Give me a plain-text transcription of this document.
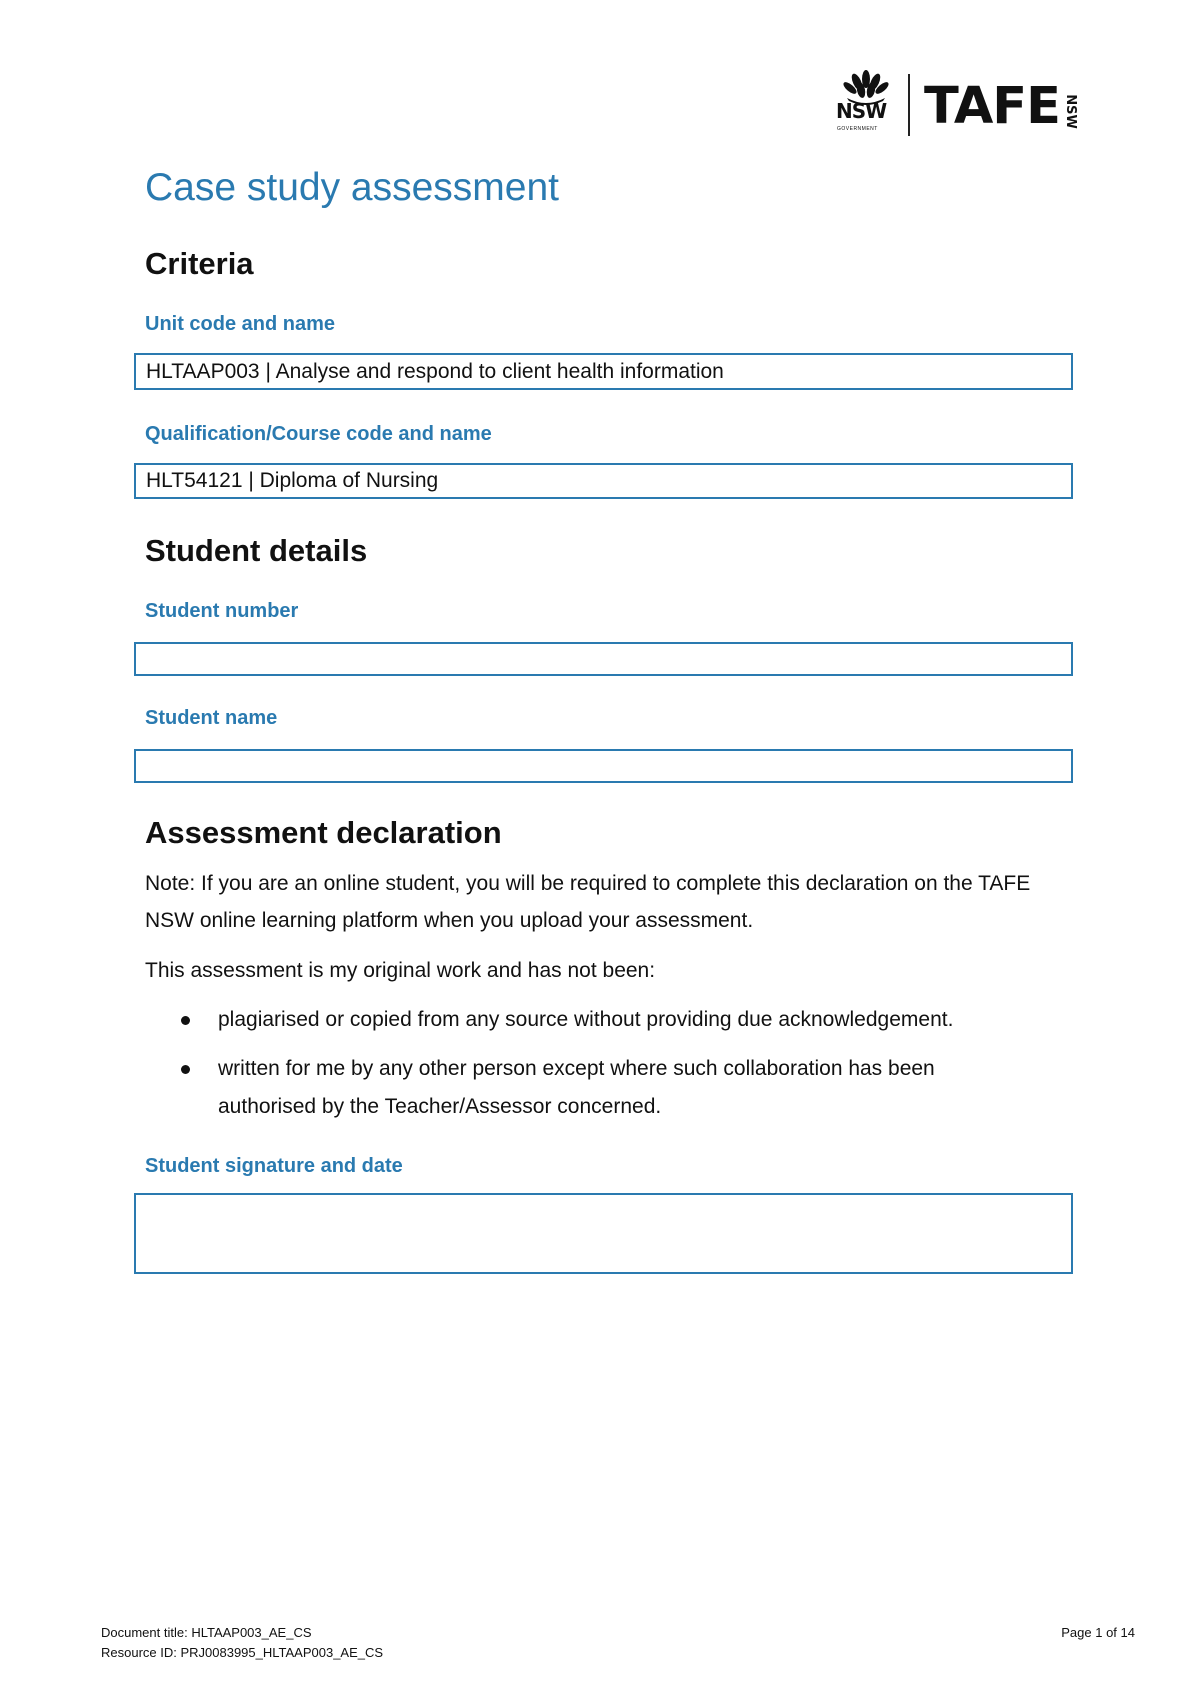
NSW
GOVERNMENT TAFE NSW
Case study assessment
Criteria
Unit code and name
HLTAAP003 | Analyse and respond to client health information
Qualification/Course code and name
HLT54121 | Diploma of Nursing
Student details
Student number
Student name
Assessment declaration

Note: If you are an online student, you will be required to complete this declaration on the TAFE NSW online learning platform when you upload your assessment.

This assessment is my original work and has not been:

plagiarised or copied from any source without providing due acknowledgement.

written for me by any other person except where such collaboration has been authorised by the Teacher/Assessor concerned.

Student signature and date
Document title: HLTAAP003_AE_CS
Resource ID: PRJ0083995_HLTAAP003_AE_CS
Page 1 of 14
